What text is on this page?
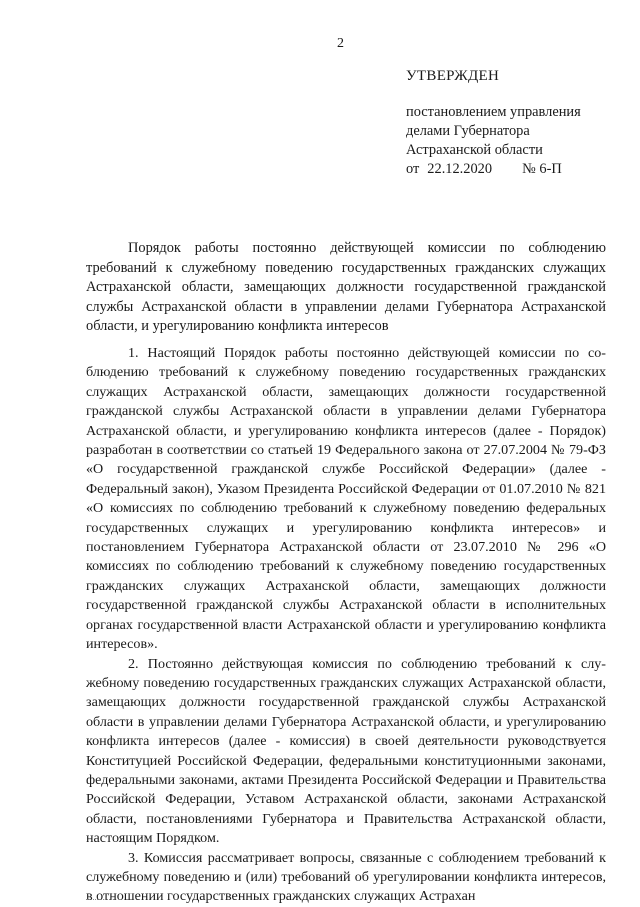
2
УТВЕРЖДЕН
постановлением управления
делами Губернатора
Астраханской области
от 22.12.2020 № 6-П
Порядок работы постоянно действующей комиссии по соблюдению требований к служебному поведению государственных гражданских служащих Астраханской области, замещающих должности государственной гражданской службы Астраханской области в управлении делами Губернатора Астраханской области, и урегулированию конфликта интересов

1. Настоящий Порядок работы постоянно действующей комиссии по соблюдению требований к служебному поведению государственных гражданских служащих Астраханской области, замещающих должности государственной гражданской службы Астраханской области в управлении делами Губернатора Астраханской области, и урегулированию конфликта интересов (далее - Порядок) разработан в соответствии со статьей 19 Федерального закона от 27.07.2004 № 79-ФЗ «О государственной гражданской службе Российской Федерации» (далее - Федеральный закон), Указом Президента Российской Федерации от 01.07.2010 № 821 «О комиссиях по соблюдению требований к служебному поведению федеральных государственных служащих и урегулированию конфликта интересов» и постановлением Губернатора Астраханской области от 23.07.2010 № 296 «О комиссиях по соблюдению требований к служебному поведению государственных гражданских служащих Астраханской области, замещающих должности государственной гражданской службы Астраханской области в исполнительных органах государственной власти Астраханской области и урегулированию конфликта интересов».

2. Постоянно действующая комиссия по соблюдению требований к служебному поведению государственных гражданских служащих Астраханской области, замещающих должности государственной гражданской службы Астраханской области в управлении делами Губернатора Астраханской области, и урегулированию конфликта интересов (далее - комиссия) в своей деятельности руководствуется Конституцией Российской Федерации, федеральными конституционными законами, федеральными законами, актами Президента Российской Федерации и Правительства Российской Федерации, Уставом Астраханской области, законами Астраханской области, постановлениями Губернатора и Правительства Астраханской области, настоящим Порядком.

3. Комиссия рассматривает вопросы, связанные с соблюдением требований к служебному поведению и (или) требований об урегулировании конфликта интересов, в отношении государственных гражданских служащих Астрахан
